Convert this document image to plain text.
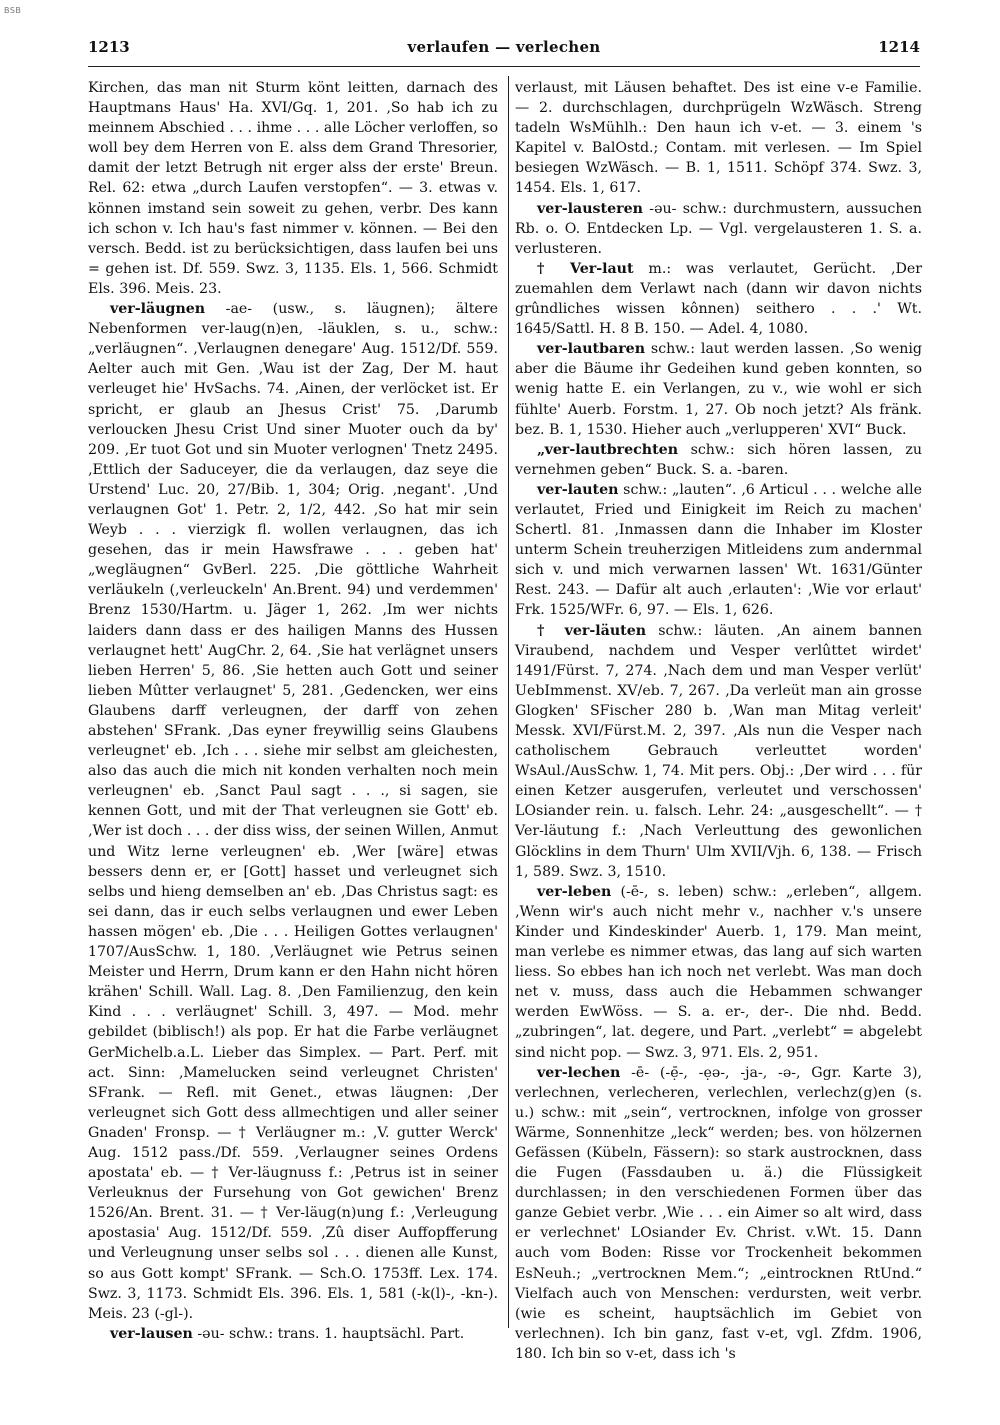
BSB
1213	verlaufen — verlechen	1214

Kirchen, das man nit Sturm könt leitten, darnach des Hauptmans Haus' Ha. XVI/Gq. 1, 201. ‚So hab ich zu meinnem Abschied . . . ihme . . . alle Löcher verloffen, so woll bey dem Herren von E. alss dem Grand Thresorier, damit der letzt Betrugh nit erger alss der erste' Breun. Rel. 62: etwa „durch Laufen verstopfen“. — 3. etwas v. können imstand sein soweit zu gehen, verbr. Des kann ich schon v. Ich hau's fast nimmer v. können. — Bei den versch. Bedd. ist zu berücksichtigen, dass laufen bei uns = gehen ist. Df. 559. Swz. 3, 1135. Els. 1, 566. Schmidt Els. 396. Meis. 23.

ver-läugnen -ae- (usw., s. läugnen); ältere Nebenformen ver-laug(n)en, -läuklen, s. u., schw.: „verläugnen“. ‚Verlaugnen denegare' Aug. 1512/Df. 559. Aelter auch mit Gen. ‚Wau ist der Zag, Der M. haut verleuget hie' HvSachs. 74. ‚Ainen, der verlöcket ist. Er spricht, er glaub an Jhesus Crist' 75. ‚Darumb verloucken Jhesu Crist Und siner Muoter ouch da by' 209. ‚Er tuot Got und sin Muoter verlognen' Tnetz 2495. ‚Ettlich der Saduceyer, die da verlaugen, daz seye die Urstend' Luc. 20, 27/Bib. 1, 304; Orig. ‚negant'. ‚Und verlaugnen Got' 1. Petr. 2, 1/2, 442. ‚So hat mir sein Weyb . . . vierzigk fl. wollen verlaugnen, das ich gesehen, das ir mein Hawsfrawe . . . geben hat' „wegläugnen“ GvBerl. 225. ‚Die göttliche Wahrheit verläukeln (‚verleuckeln' An.Brent. 94) und verdemmen' Brenz 1530/Hartm. u. Jäger 1, 262. ‚Im wer nichts laiders dann dass er des hailigen Manns des Hussen verlaugnet hett' AugChr. 2, 64. ‚Sie hat verlägnet unsers lieben Herren' 5, 86. ‚Sie hetten auch Gott und seiner lieben Mûtter verlaugnet' 5, 281. ‚Gedencken, wer eins Glaubens darff verleugnen, der darff von zehen abstehen' SFrank. ‚Das eyner freywillig seins Glaubens verleugnet' eb. ‚Ich . . . siehe mir selbst am gleichesten, also das auch die mich nit konden verhalten noch mein verleugnen' eb. ‚Sanct Paul sagt . . ., si sagen, sie kennen Gott, und mit der That verleugnen sie Gott' eb. ‚Wer ist doch . . . der diss wiss, der seinen Willen, Anmut und Witz lerne verleugnen' eb. ‚Wer [wäre] etwas bessers denn er, er [Gott] hasset und verleugnet sich selbs und hieng demselben an' eb. ‚Das Christus sagt: es sei dann, das ir euch selbs verlaugnen und ewer Leben hassen mögen' eb. ‚Die . . . Heiligen Gottes verlaugnen' 1707/AusSchw. 1, 180. ‚Verläugnet wie Petrus seinen Meister und Herrn, Drum kann er den Hahn nicht hören krähen' Schill. Wall. Lag. 8. ‚Den Familienzug, den kein Kind . . . verläugnet' Schill. 3, 497. — Mod. mehr gebildet (biblisch!) als pop. Er hat die Farbe verläugnet GerMichelb.a.L. Lieber das Simplex. — Part. Perf. mit act. Sinn: ‚Mamelucken seind verleugnet Christen' SFrank. — Refl. mit Genet., etwas läugnen: ‚Der verleugnet sich Gott dess allmechtigen und aller seiner Gnaden' Fronsp. — † Verläugner m.: ‚V. gutter Werck' Aug. 1512 pass./Df. 559. ‚Verlaugner seines Ordens apostata' eb. — † Ver-läugnuss f.: ‚Petrus ist in seiner Verleuknus der Fursehung von Got gewichen' Brenz 1526/An. Brent. 31. — † Ver-läug(n)ung f.: ‚Verleugung apostasia' Aug. 1512/Df. 559. ‚Zû diser Auffopfferung und Verleugnung unser selbs sol . . . dienen alle Kunst, so aus Gott kompt' SFrank. — Sch.O. 1753ff. Lex. 174. Swz. 3, 1173. Schmidt Els. 396. Els. 1, 581 (-k(l)-, -kn-). Meis. 23 (-gl-).

ver-lausen -əu- schw.: trans. 1. hauptsächl. Part.

verlaust, mit Läusen behaftet. Des ist eine v-e Familie. — 2. durchschlagen, durchprügeln WzWäsch. Streng tadeln WsMühlh.: Den haun ich v-et. — 3. einem 's Kapitel v. BalOstd.; Contam. mit verlesen. — Im Spiel besiegen WzWäsch. — B. 1, 1511. Schöpf 374. Swz. 3, 1454. Els. 1, 617.

ver-lausteren -əu- schw.: durchmustern, aussuchen Rb. o. O. Entdecken Lp. — Vgl. vergelausteren 1. S. a. verlusteren.

† Ver-laut m.: was verlautet, Gerücht. ‚Der zuemahlen dem Verlawt nach (dann wir davon nichts grûndliches wissen kônnen) seithero . . .' Wt. 1645/Sattl. H. 8 B. 150. — Adel. 4, 1080.

ver-lautbaren schw.: laut werden lassen. ‚So wenig aber die Bäume ihr Gedeihen kund geben konnten, so wenig hatte E. ein Verlangen, zu v., wie wohl er sich fühlte' Auerb. Forstm. 1, 27. Ob noch jetzt? Als fränk. bez. B. 1, 1530. Hieher auch „verlupperen' XVI“ Buck.

„ver-lautbrechten schw.: sich hören lassen, zu vernehmen geben“ Buck. S. a. -baren.

ver-lauten schw.: „lauten“. ‚6 Articul . . . welche alle verlautet, Fried und Einigkeit im Reich zu machen' Schertl. 81. ‚Inmassen dann die Inhaber im Kloster unterm Schein treuherzigen Mitleidens zum andernmal sich v. und mich verwarnen lassen' Wt. 1631/Günter Rest. 243. — Dafür alt auch ‚erlauten': ‚Wie vor erlaut' Frk. 1525/WFr. 6, 97. — Els. 1, 626.

† ver-läuten schw.: läuten. ‚An ainem bannen Viraubend, nachdem und Vesper verlûttet wirdet' 1491/Fürst. 7, 274. ‚Nach dem und man Vesper verlüt' UebImmenst. XV/eb. 7, 267. ‚Da verleüt man ain grosse Glogken' SFischer 280 b. ‚Wan man Mitag verleit' Messk. XVI/Fürst.M. 2, 397. ‚Als nun die Vesper nach catholischem Gebrauch verleuttet worden' WsAul./AusSchw. 1, 74. Mit pers. Obj.: ‚Der wird . . . für einen Ketzer ausgerufen, verleutet und verschossen' LOsiander rein. u. falsch. Lehr. 24: „ausgeschellt“. — † Ver-läutung f.: ‚Nach Verleuttung des gewonlichen Glöcklins in dem Thurn' Ulm XVII/Vjh. 6, 138. — Frisch 1, 589. Swz. 3, 1510.

ver-leben (-ē-, s. leben) schw.: „erleben“, allgem. ‚Wenn wir's auch nicht mehr v., nachher v.'s unsere Kinder und Kindeskinder' Auerb. 1, 179. Man meint, man verlebe es nimmer etwas, das lang auf sich warten liess. So ebbes han ich noch net verlebt. Was man doch net v. muss, dass auch die Hebammen schwanger werden EwWöss. — S. a. er-, der-. Die nhd. Bedd. „zubringen“, lat. degere, und Part. „verlebt“ = abgelebt sind nicht pop. — Swz. 3, 971. Els. 2, 951.

ver-lechen -ē- (-ẹ̄-, -ẹə-, -ja-, -ə-, Ggr. Karte 3), verlechnen, verlecheren, verlechlen, verlechz(g)en (s. u.) schw.: mit „sein“, vertrocknen, infolge von grosser Wärme, Sonnenhitze „leck“ werden; bes. von hölzernen Gefässen (Kübeln, Fässern): so stark austrocknen, dass die Fugen (Fassdauben u. ä.) die Flüssigkeit durchlassen; in den verschiedenen Formen über das ganze Gebiet verbr. ‚Wie . . . ein Aimer so alt wird, dass er verlechnet' LOsiander Ev. Christ. v.Wt. 15. Dann auch vom Boden: Risse vor Trockenheit bekommen EsNeuh.; „vertrocknen Mem.“; „eintrocknen RtUnd.“ Vielfach auch von Menschen: verdursten, weit verbr. (wie es scheint, hauptsächlich im Gebiet von verlechnen). Ich bin ganz, fast v-et, vgl. Zfdm. 1906, 180. Ich bin so v-et, dass ich 's
